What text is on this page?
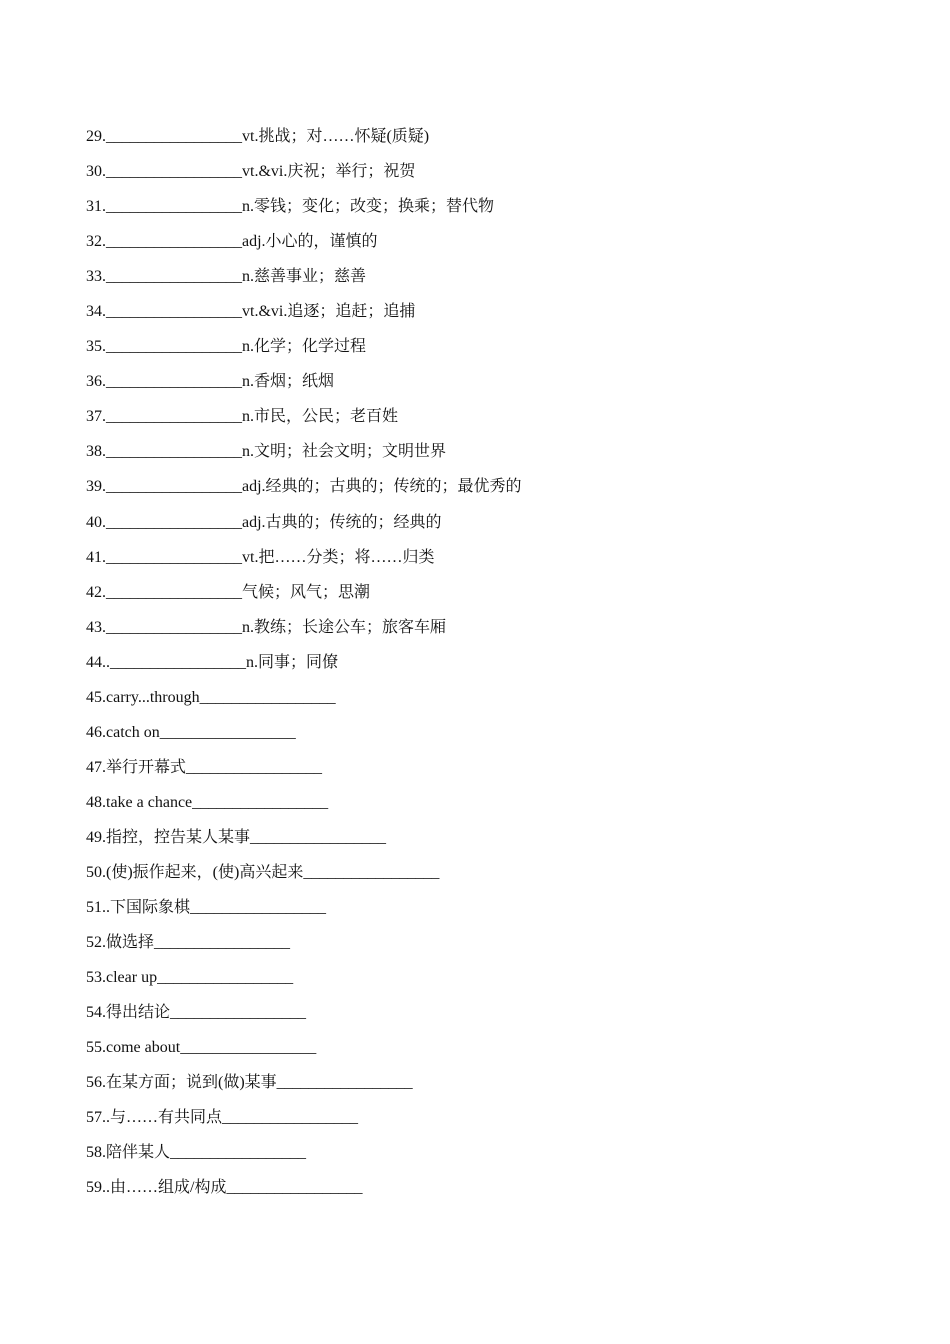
29._________________vt.挑战；对……怀疑(质疑)
30._________________vt.&vi.庆祝；举行；祝贺
31._________________n.零钱；变化；改变；换乘；替代物
32._________________adj.小心的，谨慎的
33._________________n.慈善事业；慈善
34._________________vt.&vi.追逐；追赶；追捕
35._________________n.化学；化学过程
36._________________n.香烟；纸烟
37._________________n.市民，公民；老百姓
38._________________n.文明；社会文明；文明世界
39._________________adj.经典的；古典的；传统的；最优秀的
40._________________adj.古典的；传统的；经典的
41._________________vt.把……分类；将……归类
42._________________气候；风气；思潮
43._________________n.教练；长途公车；旅客车厢
44.._________________n.同事；同僚
45.carry...through_________________
46.catch on_________________
47.举行开幕式_________________
48.take a chance_________________
49.指控，控告某人某事_________________
50.(使)振作起来，(使)高兴起来_________________
51..下国际象棋_________________
52.做选择_________________
53.clear up_________________
54.得出结论_________________
55.come about_________________
56.在某方面；说到(做)某事_________________
57..与……有共同点_________________
58.陪伴某人_________________
59..由……组成/构成_________________
